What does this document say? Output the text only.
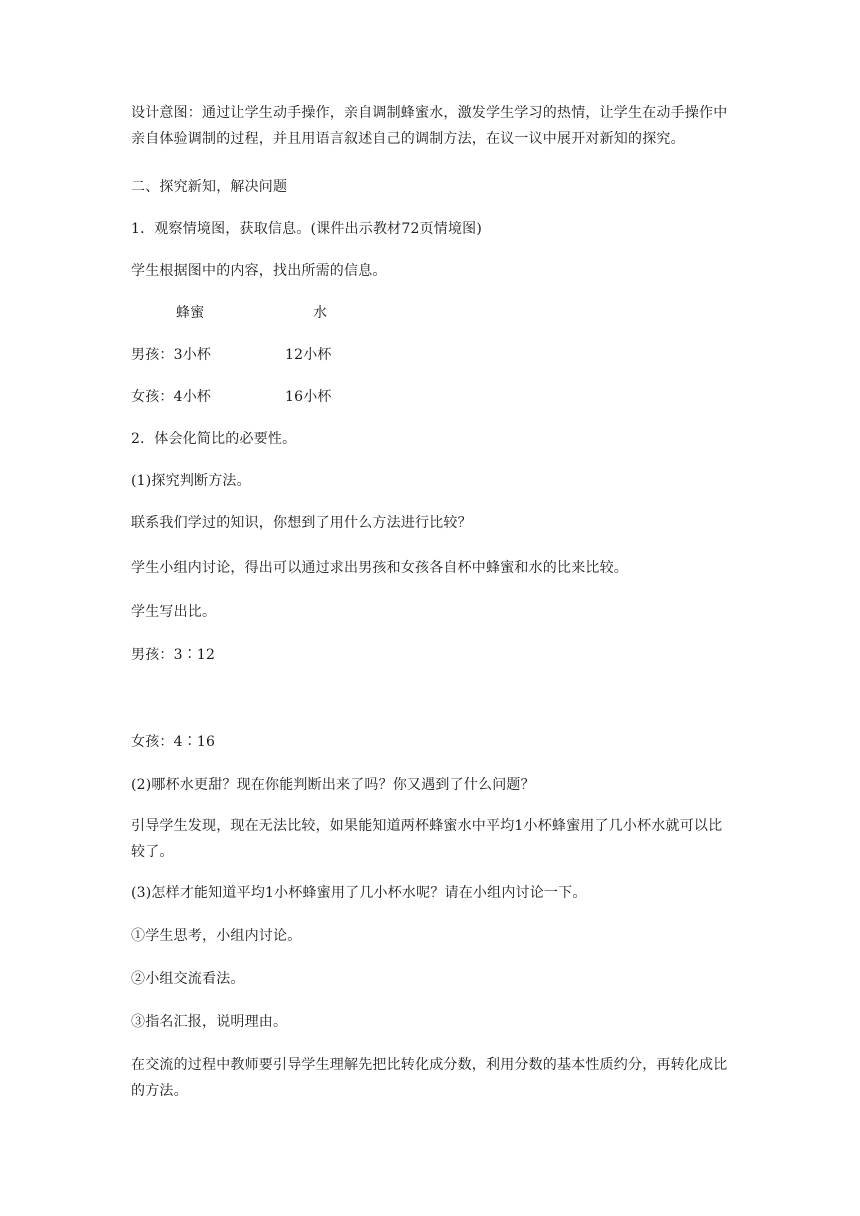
设计意图：通过让学生动手操作，亲自调制蜂蜜水，激发学生学习的热情，让学生在动手操作中亲自体验调制的过程，并且用语言叙述自己的调制方法，在议一议中展开对新知的探究。
二、探究新知，解决问题
1．观察情境图，获取信息。(课件出示教材72页情境图)
学生根据图中的内容，找出所需的信息。
蜂蜜	水
男孩：3小杯	12小杯
女孩：4小杯	16小杯
2．体会化简比的必要性。
(1)探究判断方法。
联系我们学过的知识，你想到了用什么方法进行比较？
学生小组内讨论，得出可以通过求出男孩和女孩各自杯中蜂蜜和水的比来比较。
学生写出比。
男孩：3∶12
女孩：4∶16
(2)哪杯水更甜？现在你能判断出来了吗？你又遇到了什么问题？
引导学生发现，现在无法比较，如果能知道两杯蜂蜜水中平均1小杯蜂蜜用了几小杯水就可以比较了。
(3)怎样才能知道平均1小杯蜂蜜用了几小杯水呢？请在小组内讨论一下。
①学生思考，小组内讨论。
②小组交流看法。
③指名汇报，说明理由。
在交流的过程中教师要引导学生理解先把比转化成分数，利用分数的基本性质约分，再转化成比的方法。
